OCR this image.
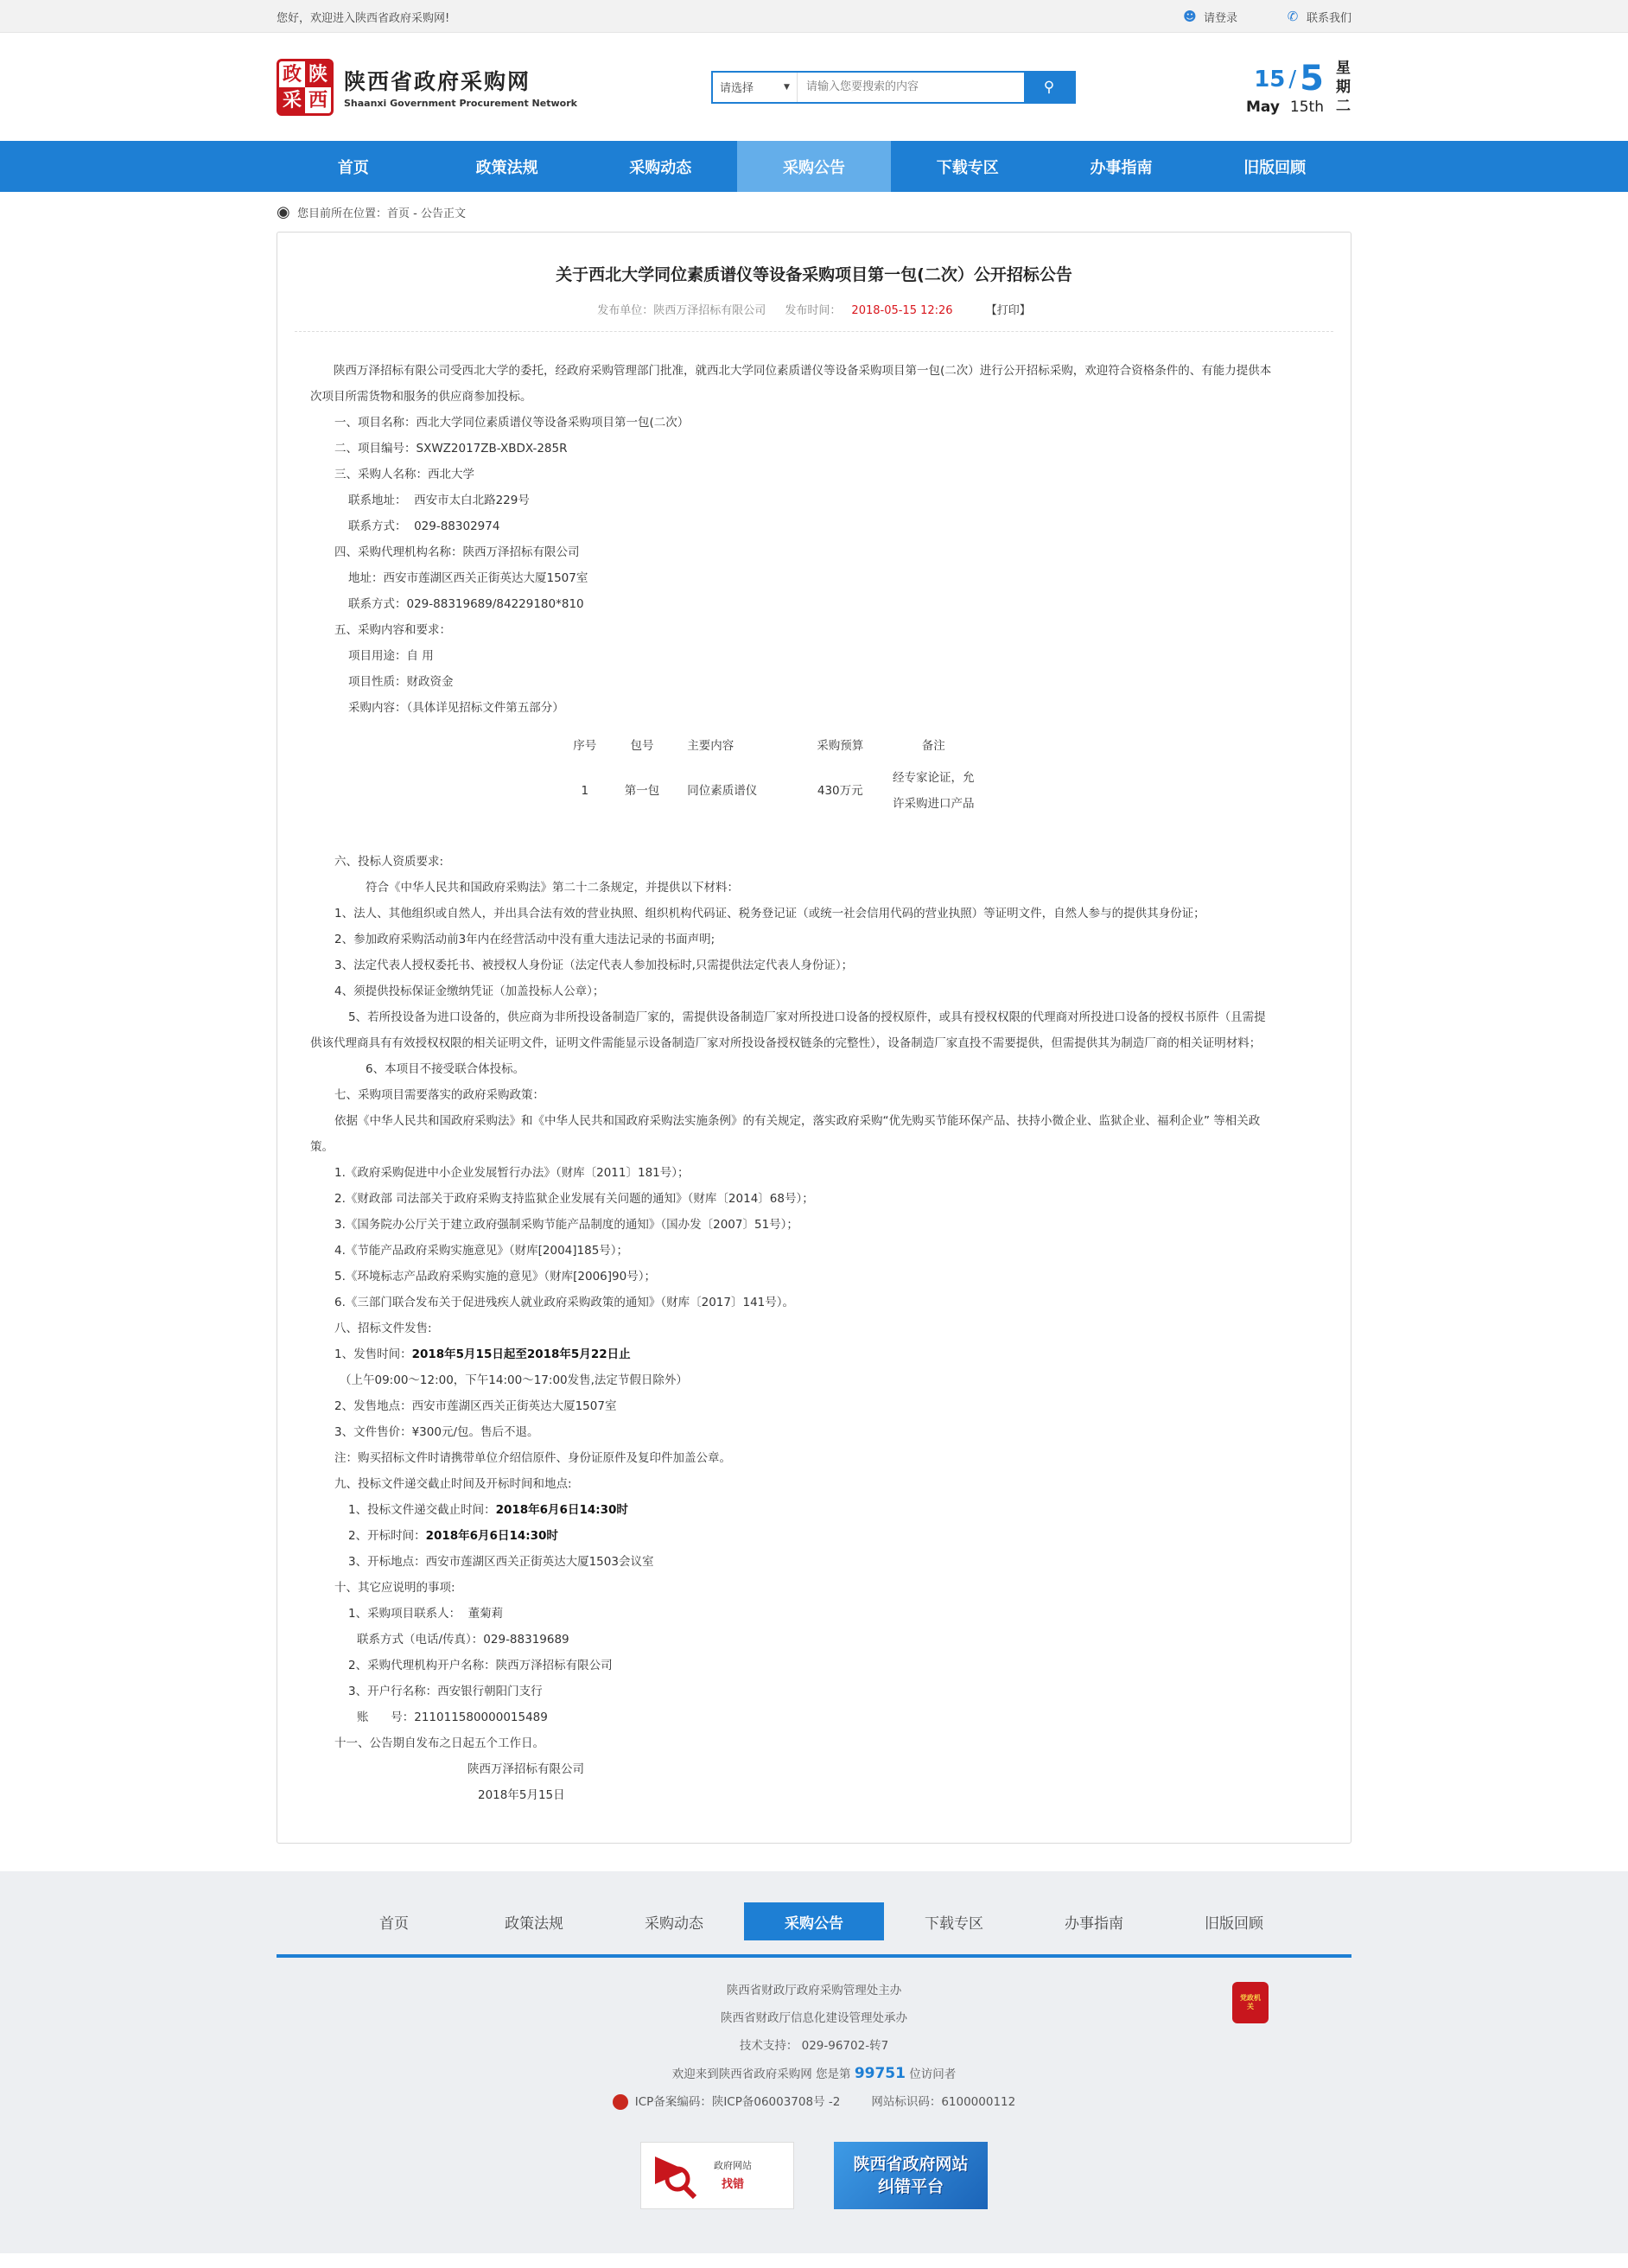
您好，欢迎进入陕西省政府采购网!	☻ 请登录	✆ 联系我们
政 陕
采 西
陕西省政府采购网
Shaanxi Government Procurement Network
请选择	▼
请输入您要搜索的内容	⚲	15 / 5
May 15th
星
期
二
首页	政策法规	采购动态	采购公告	下载专区	办事指南	旧版回顾
◉ 您目前所在位置：首页 - 公告正文
关于西北大学同位素质谱仪等设备采购项目第一包(二次）公开招标公告
发布单位：陕西万泽招标有限公司 发布时间： 2018-05-15 12:26	【打印】

陕西万泽招标有限公司受西北大学的委托，经政府采购管理部门批准，就西北大学同位素质谱仪等设备采购项目第一包(二次）进行公开招标采购，欢迎符合资格条件的、有能力提供本次项目所需货物和服务的供应商参加投标。

一、项目名称：西北大学同位素质谱仪等设备采购项目第一包(二次）

二、项目编号：SXWZ2017ZB-XBDX-285R

三、采购人名称：西北大学

联系地址：  西安市太白北路229号

联系方式：  029-88302974

四、采购代理机构名称：陕西万泽招标有限公司

地址：西安市莲湖区西关正街英达大厦1507室

联系方式：029-88319689/84229180*810

五、采购内容和要求：

项目用途：自 用

项目性质：财政资金

采购内容：（具体详见招标文件第五部分）

序号	包号	主要内容	采购预算	备注
1	第一包	同位素质谱仪	430万元	经专家论证，允许采购进口产品

六、投标人资质要求:

符合《中华人民共和国政府采购法》第二十二条规定，并提供以下材料：

1、法人、其他组织或自然人，并出具合法有效的营业执照、组织机构代码证、税务登记证（或统一社会信用代码的营业执照）等证明文件，自然人参与的提供其身份证；

2、参加政府采购活动前3年内在经营活动中没有重大违法记录的书面声明;

3、法定代表人授权委托书、被授权人身份证（法定代表人参加投标时,只需提供法定代表人身份证）；

4、须提供投标保证金缴纳凭证（加盖投标人公章）；

5、若所投设备为进口设备的，供应商为非所投设备制造厂家的，需提供设备制造厂家对所投进口设备的授权原件，或具有授权权限的代理商对所投进口设备的授权书原件（且需提供该代理商具有有效授权权限的相关证明文件，证明文件需能显示设备制造厂家对所投设备授权链条的完整性），设备制造厂家直投不需要提供，但需提供其为制造厂商的相关证明材料；

6、本项目不接受联合体投标。

七、采购项目需要落实的政府采购政策：

依据《中华人民共和国政府采购法》和《中华人民共和国政府采购法实施条例》的有关规定，落实政府采购“优先购买节能环保产品、扶持小微企业、监狱企业、福利企业” 等相关政策。

1.《政府采购促进中小企业发展暂行办法》（财库〔2011〕181号）；

2.《财政部 司法部关于政府采购支持监狱企业发展有关问题的通知》（财库〔2014〕68号）；

3.《国务院办公厅关于建立政府强制采购节能产品制度的通知》（国办发〔2007〕51号）；

4.《节能产品政府采购实施意见》（财库[2004]185号）；

5.《环境标志产品政府采购实施的意见》（财库[2006]90号）；

6.《三部门联合发布关于促进残疾人就业政府采购政策的通知》（财库〔2017〕141号）。

八、招标文件发售:

1、发售时间：2018年5月15日起至2018年5月22日止

（上午09:00～12:00，下午14:00～17:00发售,法定节假日除外）

2、发售地点：西安市莲湖区西关正街英达大厦1507室

3、文件售价：¥300元/包。售后不退。

注：购买招标文件时请携带单位介绍信原件、身份证原件及复印件加盖公章。

九、投标文件递交截止时间及开标时间和地点:

1、投标文件递交截止时间：2018年6月6日14:30时

2、开标时间：2018年6月6日14:30时

3、开标地点：西安市莲湖区西关正街英达大厦1503会议室

十、其它应说明的事项:

1、采购项目联系人：  董菊莉

联系方式（电话/传真）：029-88319689

2、采购代理机构开户名称：陕西万泽招标有限公司

3、开户行名称：西安银行朝阳门支行

账      号：211011580000015489

十一、公告期自发布之日起五个工作日。

陕西万泽招标有限公司

2018年5月15日

首页	政策法规	采购动态	采购公告	下载专区	办事指南	旧版回顾
党政机关
陕西省财政厅政府采购管理处主办
陕西省财政厅信息化建设管理处承办
技术支持： 029-96702-转7
欢迎来到陕西省政府采购网 您是第 99751 位访问者
ICP备案编码：陕ICP备06003708号 -2	网站标识码：6100000112
政府网站
找错
陕西省政府网站
纠错平台
